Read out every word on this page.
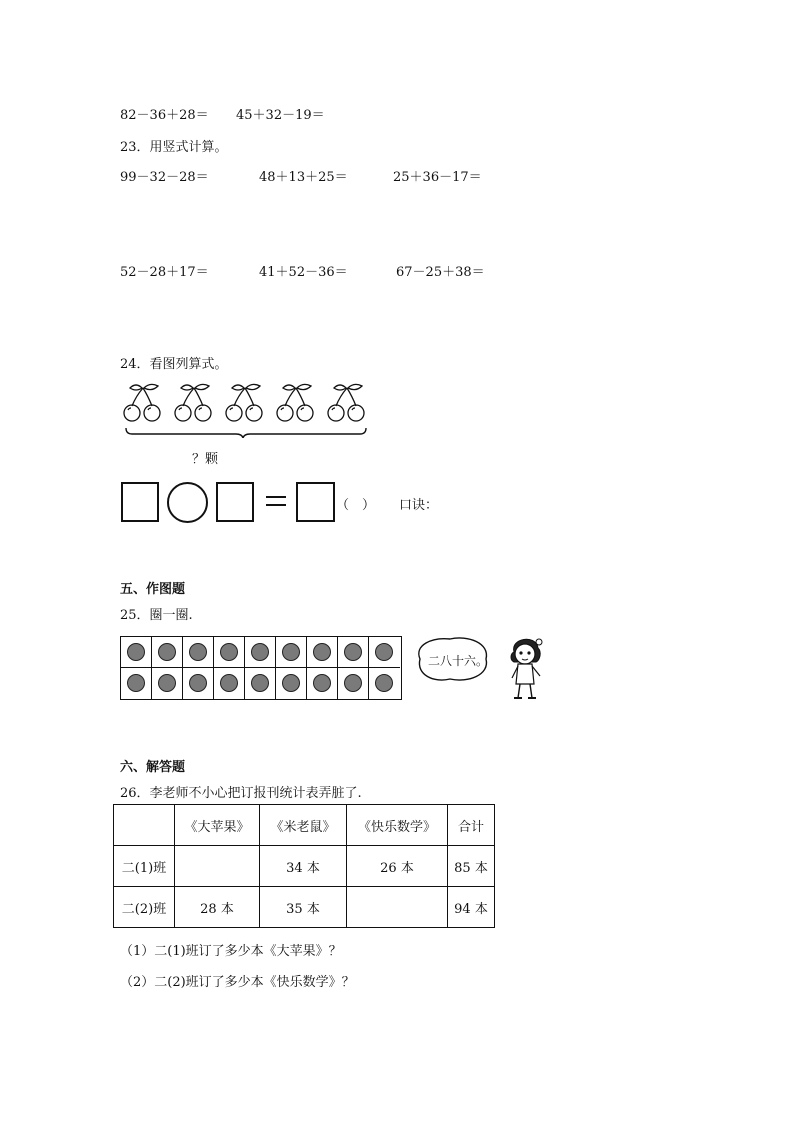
82－36＋28＝ 45＋32－19＝
23．用竖式计算。
99－32－28＝	48＋13＋25＝	25＋36－17＝
52－28＋17＝	41＋52－36＝	67－25＋38＝
24．看图列算式。
？颗
（　） 口诀：
五、作图题
25．圈一圈.
二八十六。
六、解答题
26．李老师不小心把订报刊统计表弄脏了.
	《大苹果》	《米老鼠》	《快乐数学》	合计
二(1)班		34 本	26 本	85 本
二(2)班	28 本	35 本		94 本
（1）二(1)班订了多少本《大苹果》？
（2）二(2)班订了多少本《快乐数学》？
